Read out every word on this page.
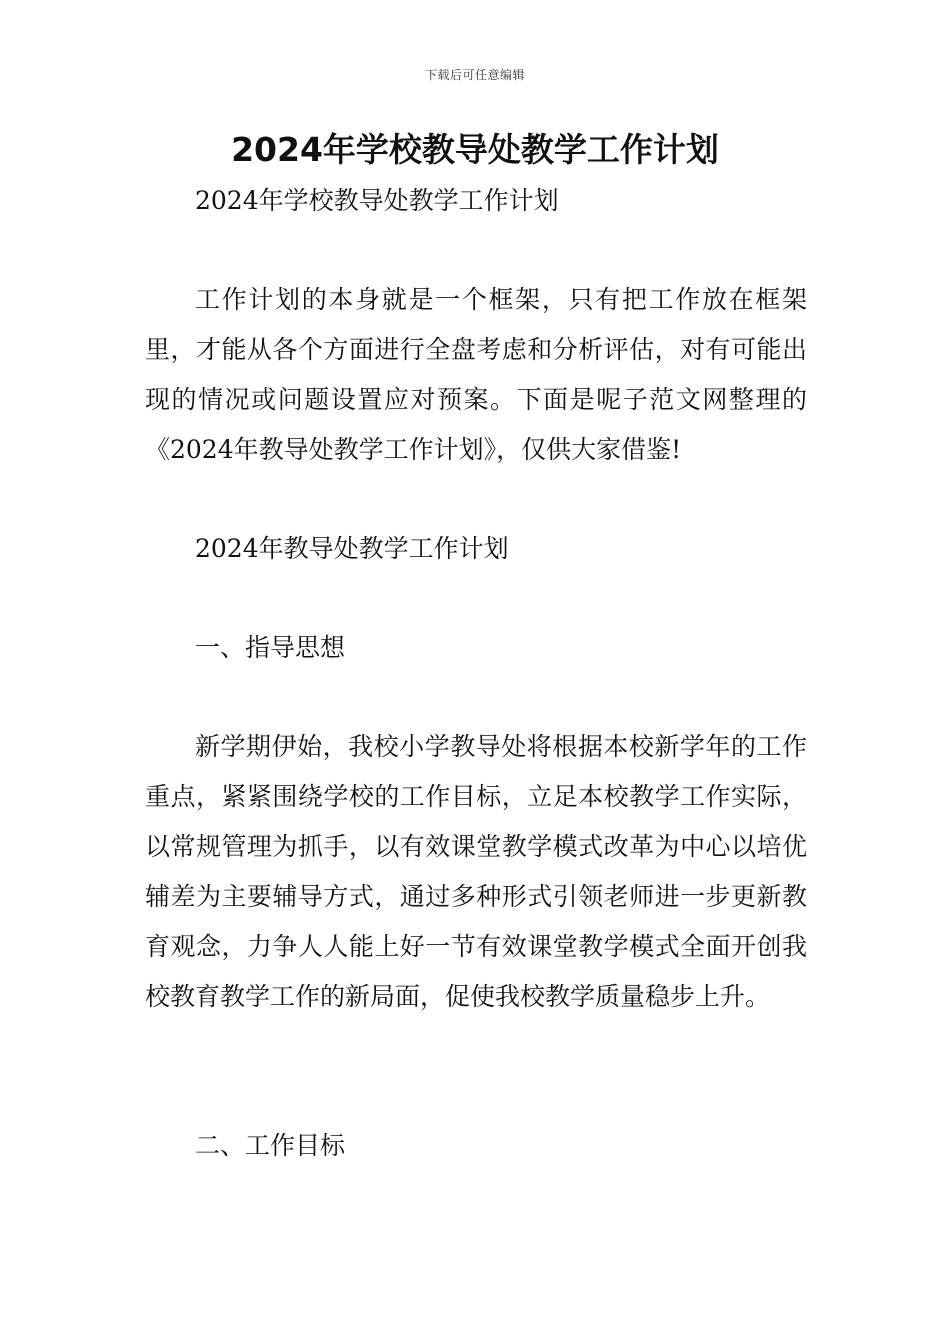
下载后可任意编辑
2024年学校教导处教学工作计划

2024年学校教导处教学工作计划

工作计划的本身就是一个框架，只有把工作放在框架里，才能从各个方面进行全盘考虑和分析评估，对有可能出现的情况或问题设置应对预案。下面是呢子范文网整理的《2024年教导处教学工作计划》，仅供大家借鉴!

2024年教导处教学工作计划

一、指导思想

新学期伊始，我校小学教导处将根据本校新学年的工作重点，紧紧围绕学校的工作目标，立足本校教学工作实际，以常规管理为抓手，以有效课堂教学模式改革为中心以培优辅差为主要辅导方式，通过多种形式引领老师进一步更新教育观念，力争人人能上好一节有效课堂教学模式全面开创我校教育教学工作的新局面，促使我校教学质量稳步上升。

二、工作目标
